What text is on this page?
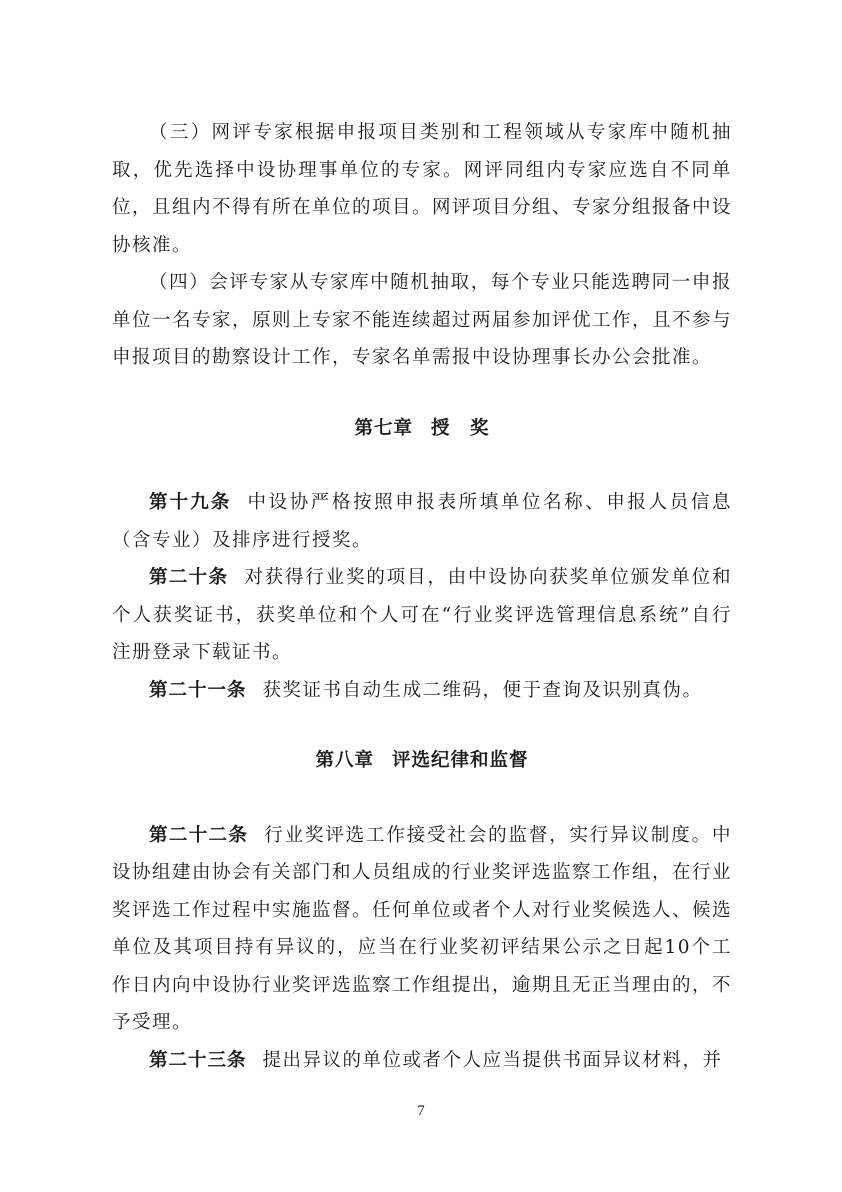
（三）网评专家根据申报项目类别和工程领域从专家库中随机抽取，优先选择中设协理事单位的专家。网评同组内专家应选自不同单位，且组内不得有所在单位的项目。网评项目分组、专家分组报备中设协核准。

（四）会评专家从专家库中随机抽取，每个专业只能选聘同一申报单位一名专家，原则上专家不能连续超过两届参加评优工作，且不参与申报项目的勘察设计工作，专家名单需报中设协理事长办公会批准。

第七章 授　奖

第十九条 中设协严格按照申报表所填单位名称、申报人员信息（含专业）及排序进行授奖。

第二十条 对获得行业奖的项目，由中设协向获奖单位颁发单位和个人获奖证书，获奖单位和个人可在“行业奖评选管理信息系统”自行注册登录下载证书。

第二十一条 获奖证书自动生成二维码，便于查询及识别真伪。

第八章 评选纪律和监督

第二十二条 行业奖评选工作接受社会的监督，实行异议制度。中设协组建由协会有关部门和人员组成的行业奖评选监察工作组，在行业奖评选工作过程中实施监督。任何单位或者个人对行业奖候选人、候选单位及其项目持有异议的，应当在行业奖初评结果公示之日起10个工作日内向中设协行业奖评选监察工作组提出，逾期且无正当理由的，不予受理。

第二十三条 提出异议的单位或者个人应当提供书面异议材料，并

7
